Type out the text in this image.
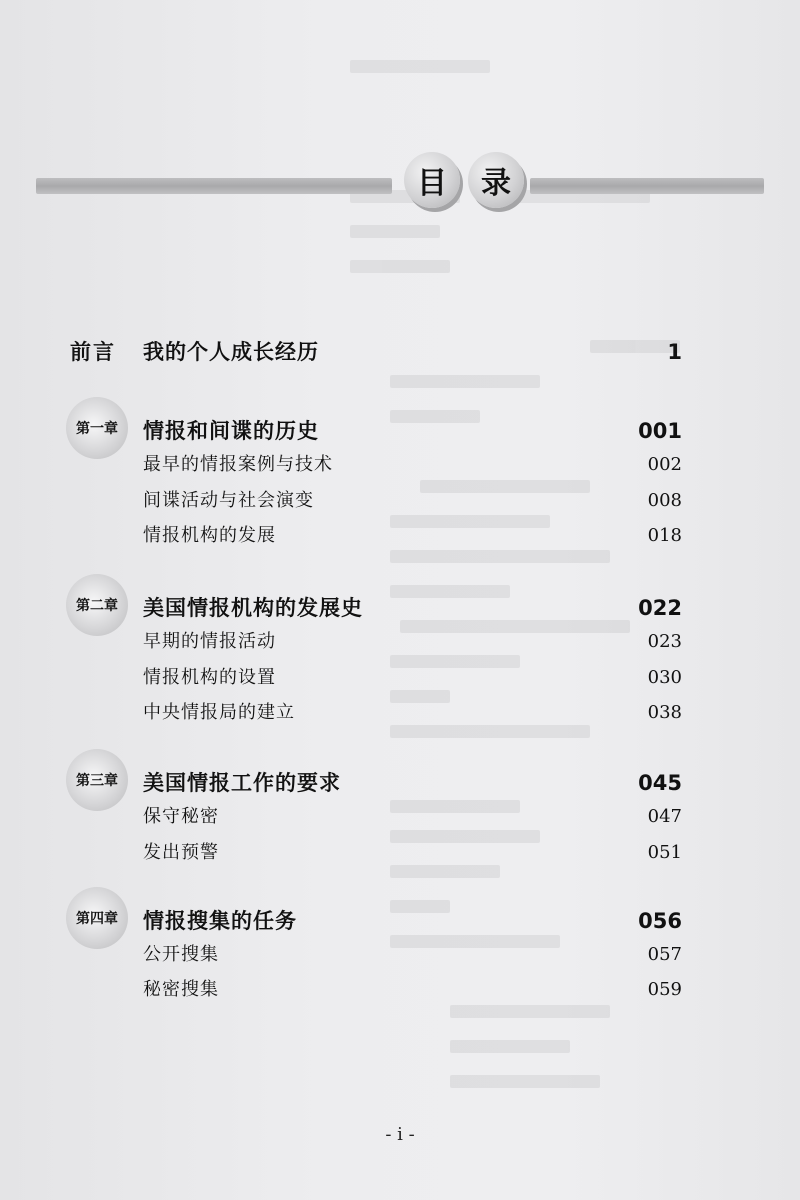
目	录
前言 我的个人成长经历	1
第一章 情报和间谍的历史	001
最早的情报案例与技术	002
间谍活动与社会演变	008
情报机构的发展	018
第二章 美国情报机构的发展史	022
早期的情报活动	023
情报机构的设置	030
中央情报局的建立	038
第三章 美国情报工作的要求	045
保守秘密	047
发出预警	051
第四章 情报搜集的任务	056
公开搜集	057
秘密搜集	059
- i -
